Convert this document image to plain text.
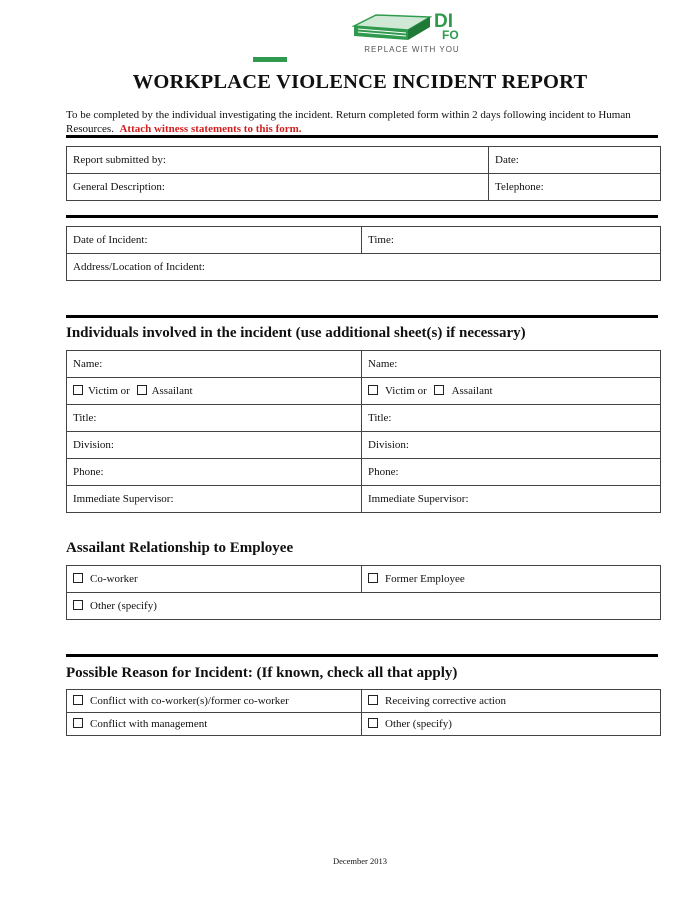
DI
FO
REPLACE WITH YOU
WORKPLACE VIOLENCE INCIDENT REPORT
To be completed by the individual investigating the incident. Return completed form within 2 days following incident to Human Resources. Attach witness statements to this form.
Report submitted by:	Date:
General Description:	Telephone:
Date of Incident:	Time:
Address/Location of Incident:
Individuals involved in the incident (use additional sheet(s) if necessary)
Name:	Name:
Victim or Assailant	Victim or Assailant
Title:	Title:
Division:	Division:
Phone:	Phone:
Immediate Supervisor:	Immediate Supervisor:
Assailant Relationship to Employee
Co-worker	Former Employee
Other (specify)
Possible Reason for Incident: (If known, check all that apply)
Conflict with co-worker(s)/former co-worker	Receiving corrective action
Conflict with management	Other (specify)
December 2013
